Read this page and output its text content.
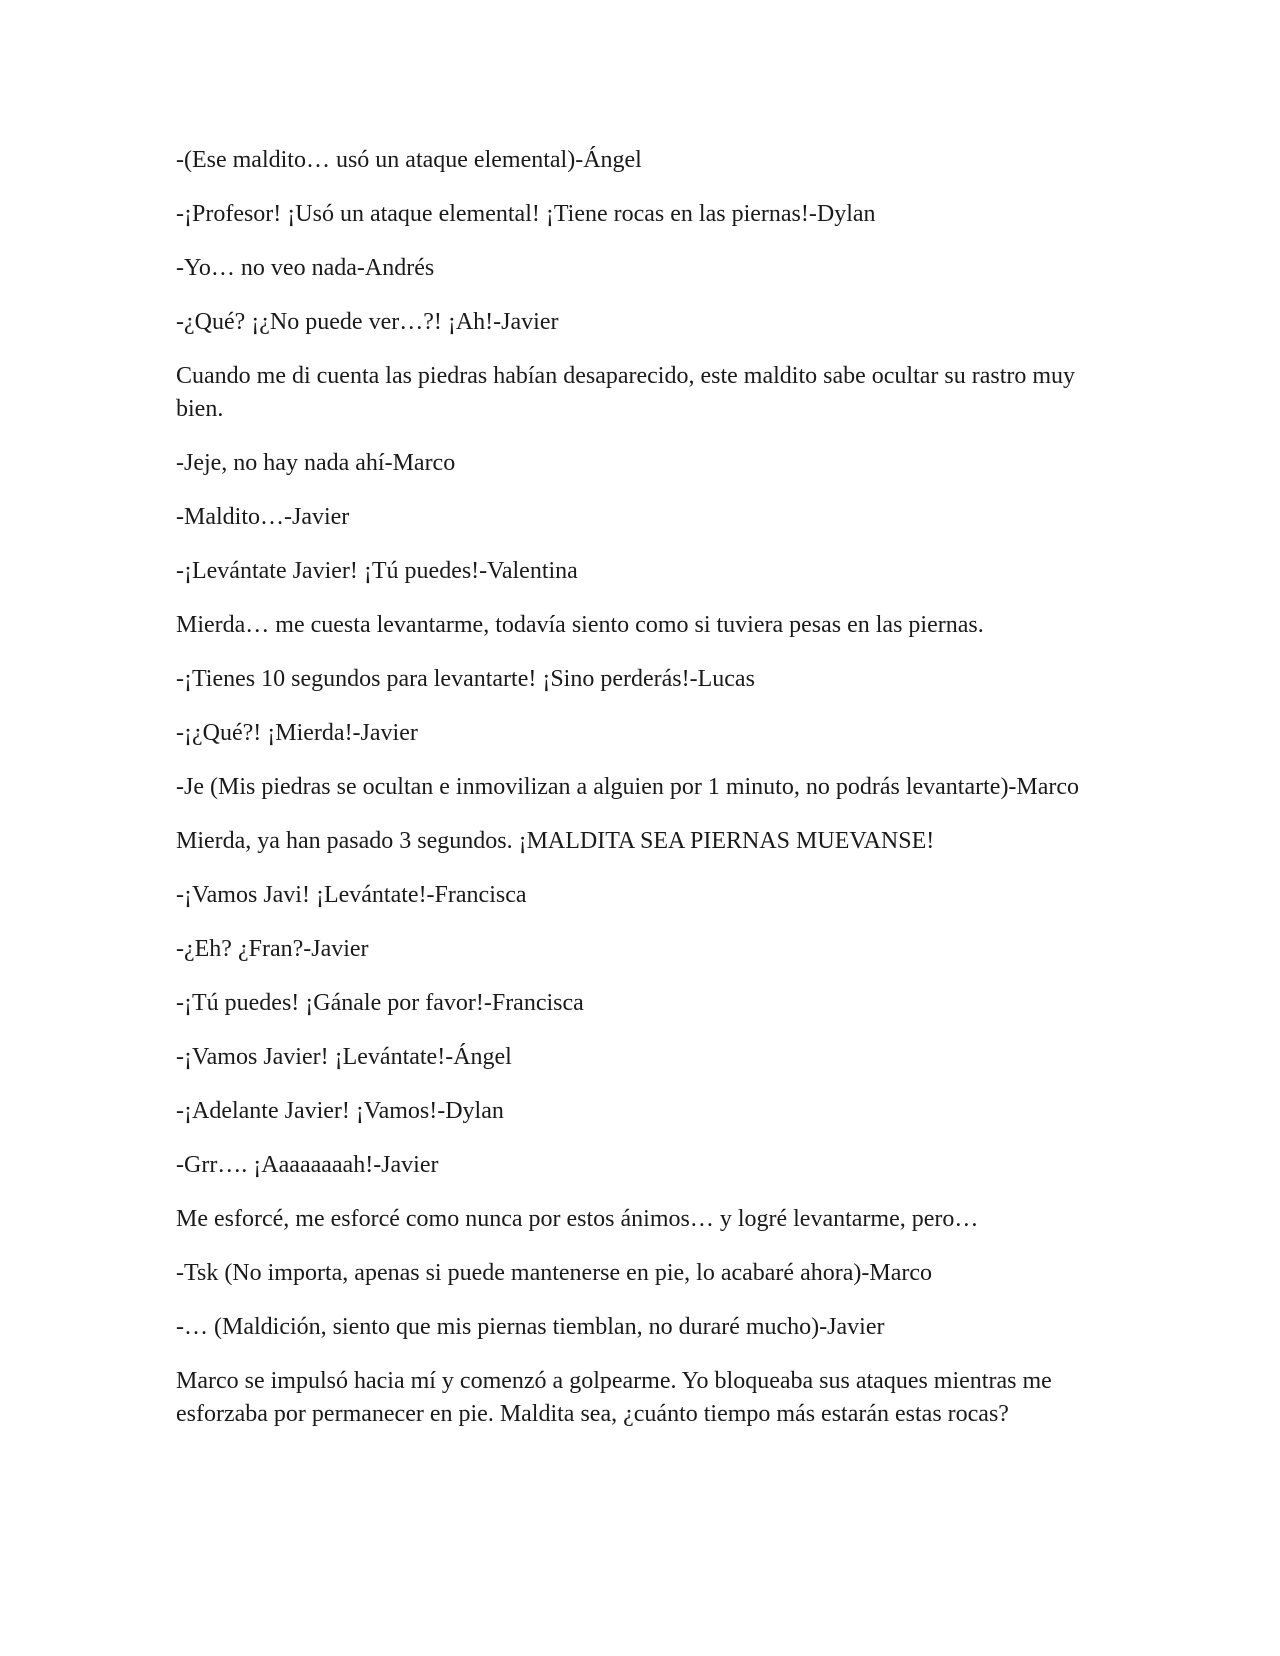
-(Ese maldito… usó un ataque elemental)-Ángel

-¡Profesor! ¡Usó un ataque elemental! ¡Tiene rocas en las piernas!-Dylan

-Yo… no veo nada-Andrés

-¿Qué? ¡¿No puede ver…?! ¡Ah!-Javier

Cuando me di cuenta las piedras habían desaparecido, este maldito sabe ocultar su rastro muy bien.

-Jeje, no hay nada ahí-Marco

-Maldito…-Javier

-¡Levántate Javier! ¡Tú puedes!-Valentina

Mierda… me cuesta levantarme, todavía siento como si tuviera pesas en las piernas.

-¡Tienes 10 segundos para levantarte! ¡Sino perderás!-Lucas

-¡¿Qué?! ¡Mierda!-Javier

-Je (Mis piedras se ocultan e inmovilizan a alguien por 1 minuto, no podrás levantarte)-Marco

Mierda, ya han pasado 3 segundos. ¡MALDITA SEA PIERNAS MUEVANSE!

-¡Vamos Javi! ¡Levántate!-Francisca

-¿Eh? ¿Fran?-Javier

-¡Tú puedes! ¡Gánale por favor!-Francisca

-¡Vamos Javier! ¡Levántate!-Ángel

-¡Adelante Javier! ¡Vamos!-Dylan

-Grr…. ¡Aaaaaaaah!-Javier

Me esforcé, me esforcé como nunca por estos ánimos… y logré levantarme, pero…

-Tsk (No importa, apenas si puede mantenerse en pie, lo acabaré ahora)-Marco

-… (Maldición, siento que mis piernas tiemblan, no duraré mucho)-Javier

Marco se impulsó hacia mí y comenzó a golpearme. Yo bloqueaba sus ataques mientras me esforzaba por permanecer en pie. Maldita sea, ¿cuánto tiempo más estarán estas rocas?
